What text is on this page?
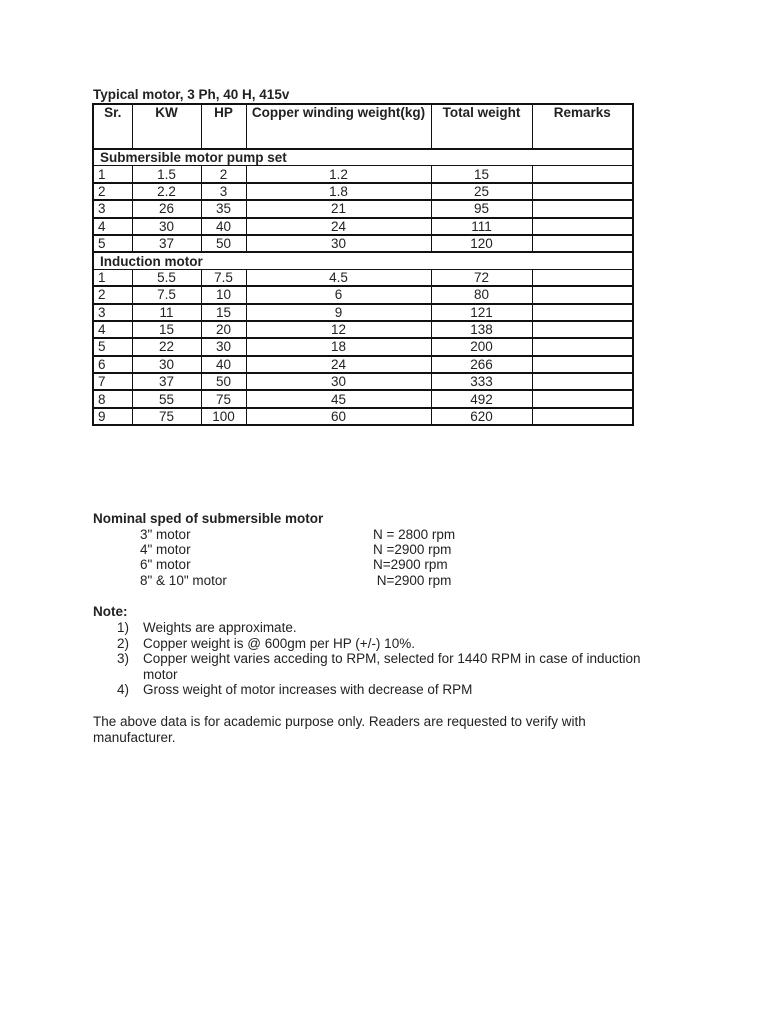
Typical motor, 3 Ph, 40 H, 415v
Sr.	KW	HP	Copper winding weight(kg)	Total weight	Remarks
Submersible motor pump set					
1	1.5	2	1.2	15	
2	2.2	3	1.8	25	
3	26	35	21	95	
4	30	40	24	111	
5	37	50	30	120	
Induction motor					
1	5.5	7.5	4.5	72	
2	7.5	10	6	80	
3	11	15	9	121	
4	15	20	12	138	
5	22	30	18	200	
6	30	40	24	266	
7	37	50	30	333	
8	55	75	45	492	
9	75	100	60	620	
Nominal sped of submersible motor
3" motor	N = 2800 rpm
4" motor	N =2900 rpm
6" motor	N=2900 rpm
8" & 10" motor	N=2900 rpm
Note:
1)	Weights are approximate.
2)	Copper weight is @ 600gm per HP (+/-) 10%.
3)	Copper weight varies acceding to RPM, selected for 1440 RPM in case of induction motor
4)	Gross weight of motor increases with decrease of RPM
The above data is for academic purpose only. Readers are requested to verify with manufacturer.
